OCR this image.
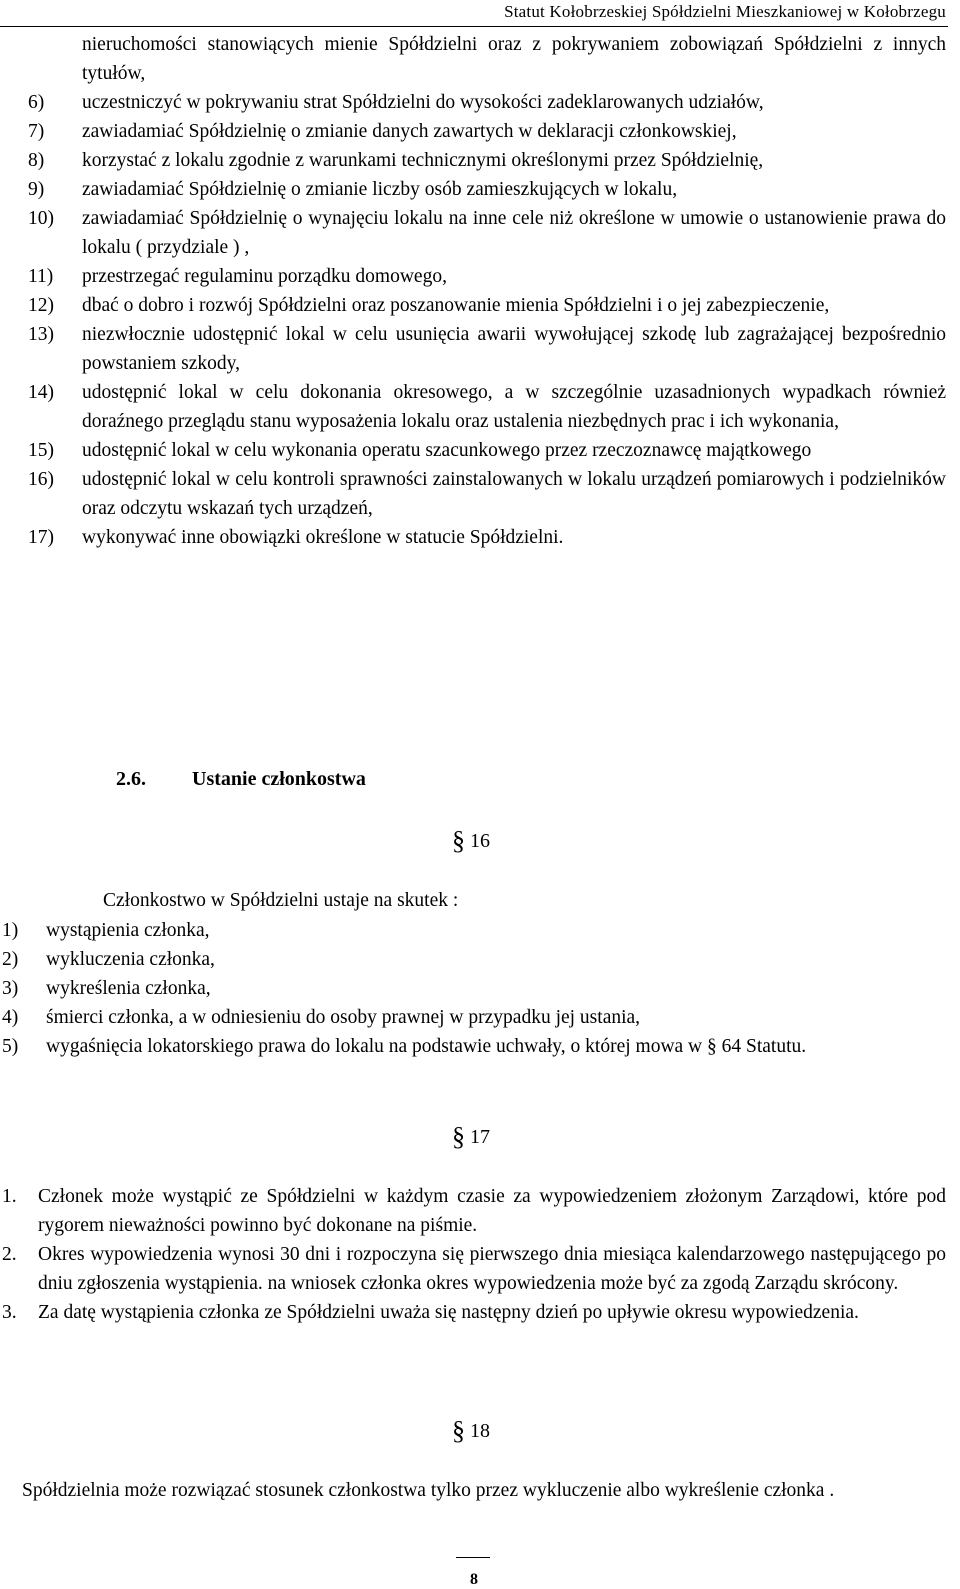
Statut Kołobrzeskiej Spółdzielni Mieszkaniowej w Kołobrzegu
nieruchomości stanowiących mienie Spółdzielni oraz z pokrywaniem zobowiązań Spółdzielni z innych tytułów,
6) uczestniczyć w pokrywaniu strat Spółdzielni do wysokości zadeklarowanych udziałów,
7) zawiadamiać Spółdzielnię o zmianie danych zawartych w deklaracji członkowskiej,
8) korzystać z lokalu zgodnie z warunkami technicznymi określonymi przez Spółdzielnię,
9) zawiadamiać Spółdzielnię o zmianie liczby osób zamieszkujących w lokalu,
10) zawiadamiać Spółdzielnię o wynajęciu lokalu na inne cele niż określone w umowie o ustanowienie prawa do lokalu ( przydziale ) ,
11) przestrzegać regulaminu porządku domowego,
12) dbać o dobro i rozwój Spółdzielni oraz poszanowanie mienia Spółdzielni i o jej zabezpieczenie,
13) niezwłocznie udostępnić lokal w celu usunięcia awarii wywołującej szkodę lub zagrażającej bezpośrednio powstaniem szkody,
14) udostępnić lokal w celu dokonania okresowego, a w szczególnie uzasadnionych wypadkach również doraźnego przeglądu stanu wyposażenia lokalu oraz ustalenia niezbędnych prac i ich wykonania,
15) udostępnić lokal w celu wykonania operatu szacunkowego przez rzeczoznawcę majątkowego
16) udostępnić lokal w celu kontroli sprawności zainstalowanych w lokalu urządzeń pomiarowych i podzielników oraz odczytu wskazań tych urządzeń,
17) wykonywać inne obowiązki określone w statucie Spółdzielni.
2.6. Ustanie członkostwa
§ 16
Członkostwo w Spółdzielni ustaje na skutek :
1) wystąpienia członka,
2) wykluczenia członka,
3) wykreślenia członka,
4) śmierci członka, a w odniesieniu do osoby prawnej w przypadku jej ustania,
5) wygaśnięcia lokatorskiego prawa do lokalu na podstawie uchwały, o której mowa w § 64 Statutu.
§ 17
1. Członek może wystąpić ze Spółdzielni w każdym czasie za wypowiedzeniem złożonym Zarządowi, które pod rygorem nieważności powinno być dokonane na piśmie.
2. Okres wypowiedzenia wynosi 30 dni i rozpoczyna się pierwszego dnia miesiąca kalendarzowego następującego po dniu zgłoszenia wystąpienia. na wniosek członka okres wypowiedzenia może być za zgodą Zarządu skrócony.
3. Za datę wystąpienia członka ze Spółdzielni uważa się następny dzień po upływie okresu wypowiedzenia.
§ 18
Spółdzielnia może rozwiązać stosunek członkostwa tylko przez wykluczenie albo wykreślenie członka .
8
